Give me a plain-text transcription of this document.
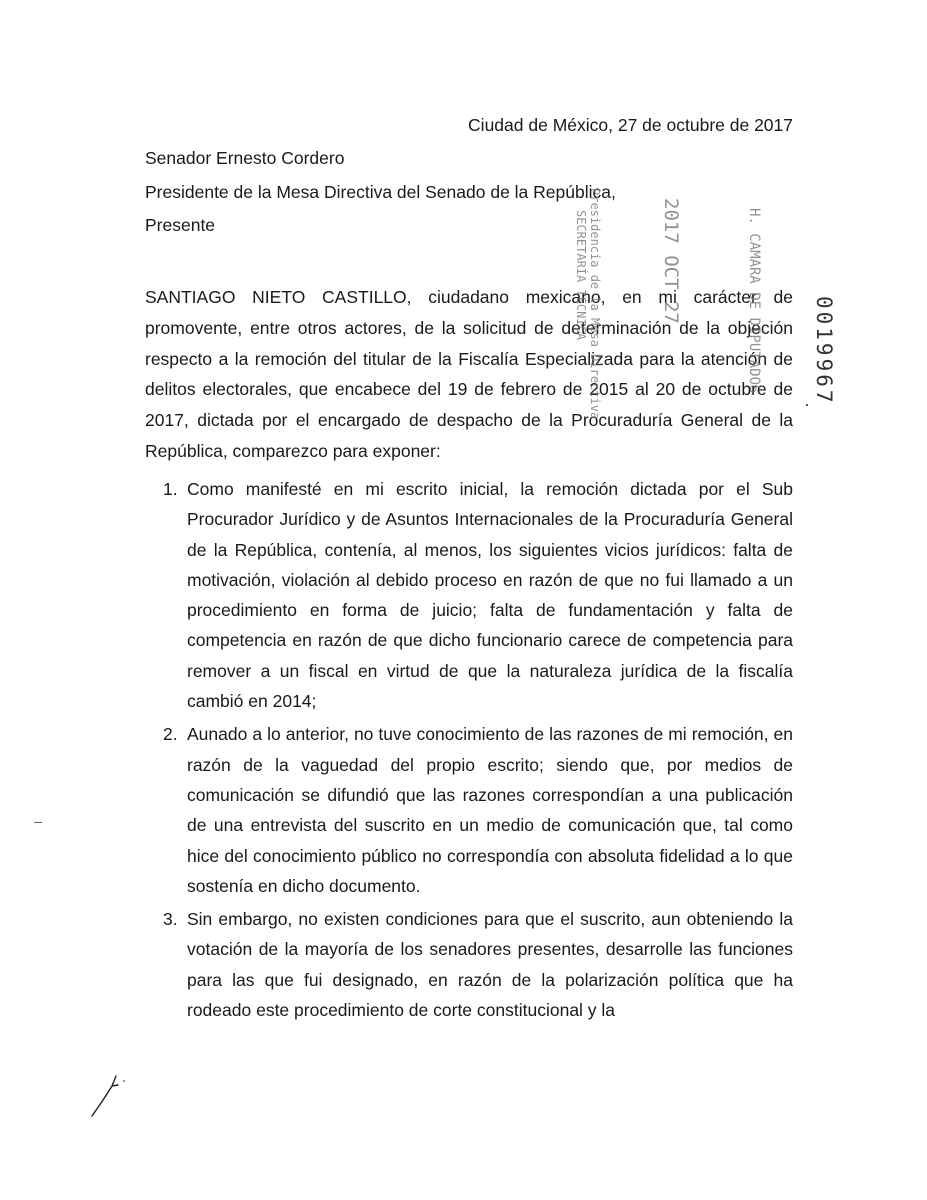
Ciudad de México, 27 de octubre de 2017
Senador Ernesto Cordero
Presidente de la Mesa Directiva del Senado de la República,
Presente
SANTIAGO NIETO CASTILLO, ciudadano mexicano, en mi carácter de promovente, entre otros actores, de la solicitud de determinación de la objeción respecto a la remoción del titular de la Fiscalía Especializada para la atención de delitos electorales, que encabece del 19 de febrero de 2015 al 20 de octubre de 2017, dictada por el encargado de despacho de la Procuraduría General de la República, comparezco para exponer:
1. Como manifesté en mi escrito inicial, la remoción dictada por el Sub Procurador Jurídico y de Asuntos Internacionales de la Procuraduría General de la República, contenía, al menos, los siguientes vicios jurídicos: falta de motivación, violación al debido proceso en razón de que no fui llamado a un procedimiento en forma de juicio; falta de fundamentación y falta de competencia en razón de que dicho funcionario carece de competencia para remover a un fiscal en virtud de que la naturaleza jurídica de la fiscalía cambió en 2014;
2. Aunado a lo anterior, no tuve conocimiento de las razones de mi remoción, en razón de la vaguedad del propio escrito; siendo que, por medios de comunicación se difundió que las razones correspondían a una publicación de una entrevista del suscrito en un medio de comunicación que, tal como hice del conocimiento público no correspondía con absoluta fidelidad a lo que sostenía en dicho documento.
3. Sin embargo, no existen condiciones para que el suscrito, aun obteniendo la votación de la mayoría de los senadores presentes, desarrolle las funciones para las que fui designado, en razón de la polarización política que ha rodeado este procedimiento de corte constitucional y la
Presidencia de la Mesa Directiva
SECRETARÍA TÉCNICA	2017 OCT 27	H. CAMARA DE DIPUTADOS 0019967
